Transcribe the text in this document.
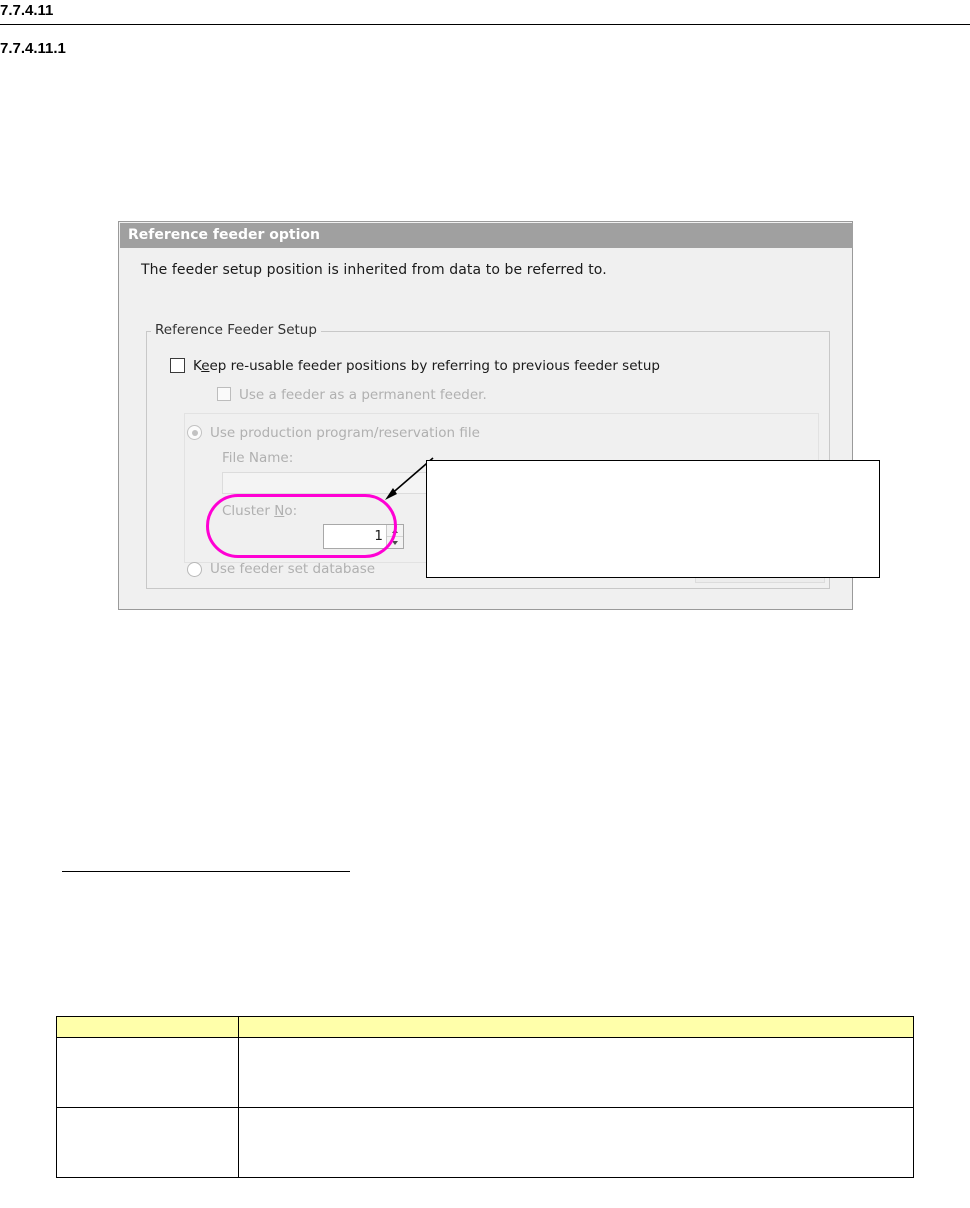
7.7.4.11
7.7.4.11.1
Reference feeder option
The feeder setup position is inherited from data to be referred to.
Reference Feeder Setup
Keep re-usable feeder positions by referring to previous feeder setup
Use a feeder as a permanent feeder.
Use production program/reservation file
File Name:
Cluster No:
1
Use feeder set database
